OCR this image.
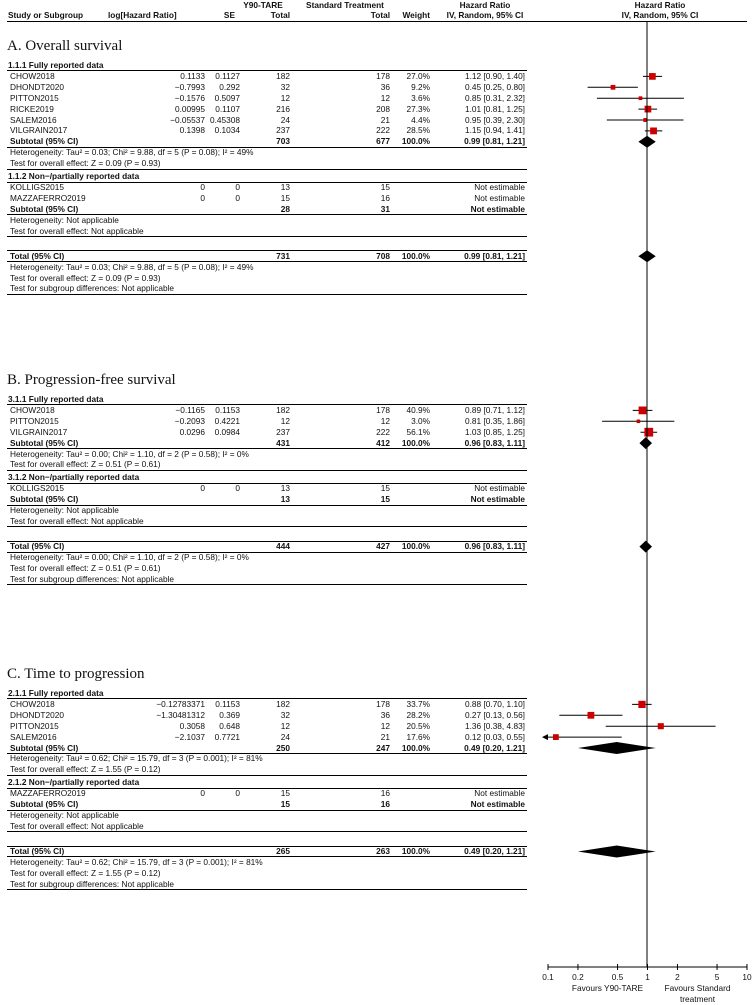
Y90-TARE	Standard Treatment	Hazard Ratio	Hazard Ratio
Study or Subgroup	log[Hazard Ratio]	SE	Total	Total	Weight	IV, Random, 95% CI	IV, Random, 95% CI
A. Overall survival
1.1.1 Fully reported data
CHOW2018	0.1133	0.1127	182	178	27.0%	1.12 [0.90, 1.40]
DHONDT2020	−0.7993	0.292	32	36	9.2%	0.45 [0.25, 0.80]
PITTON2015	−0.1576	0.5097	12	12	3.6%	0.85 [0.31, 2.32]
RICKE2019	0.00995	0.1107	216	208	27.3%	1.01 [0.81, 1.25]
SALEM2016	−0.05537 0.45308	24	21	4.4%	0.95 [0.39, 2.30]
VILGRAIN2017	0.1398	0.1034	237	222	28.5%	1.15 [0.94, 1.41]
Subtotal (95% CI)	703	677	100.0%	0.99 [0.81, 1.21]
Heterogeneity: Tau² = 0.03; Chi² = 9.88, df = 5 (P = 0.08); I² = 49%
Test for overall effect: Z = 0.09 (P = 0.93)
1.1.2 Non−/partially reported data
KOLLIGS2015	0	0	13	15	Not estimable
MAZZAFERRO2019	0	0	15	16	Not estimable
Subtotal (95% CI)	28	31	Not estimable
Heterogeneity: Not applicable
Test for overall effect: Not applicable
Total (95% CI)	731	708	100.0%	0.99 [0.81, 1.21]
Heterogeneity: Tau² = 0.03; Chi² = 9.88, df = 5 (P = 0.08); I² = 49%
Test for overall effect: Z = 0.09 (P = 0.93)
Test for subgroup differences: Not applicable
B. Progression-free survival
3.1.1 Fully reported data
CHOW2018	−0.1165	0.1153	182	178	40.9%	0.89 [0.71, 1.12]
PITTON2015	−0.2093	0.4221	12	12	3.0%	0.81 [0.35, 1.86]
VILGRAIN2017	0.0296	0.0984	237	222	56.1%	1.03 [0.85, 1.25]
Subtotal (95% CI)	431	412	100.0%	0.96 [0.83, 1.11]
Heterogeneity: Tau² = 0.00; Chi² = 1.10, df = 2 (P = 0.58); I² = 0%
Test for overall effect: Z = 0.51 (P = 0.61)
3.1.2 Non−/partially reported data
KOLLIGS2015	0	0	13	15	Not estimable
Subtotal (95% CI)	13	15	Not estimable
Heterogeneity: Not applicable
Test for overall effect: Not applicable
Total (95% CI)	444	427	100.0%	0.96 [0.83, 1.11]
Heterogeneity: Tau² = 0.00; Chi² = 1.10, df = 2 (P = 0.58); I² = 0%
Test for overall effect: Z = 0.51 (P = 0.61)
Test for subgroup differences: Not applicable
C. Time to progression
2.1.1 Fully reported data
CHOW2018	−0.12783371	0.1153	182	178	33.7%	0.88 [0.70, 1.10]
DHONDT2020	−1.30481312	0.369	32	36	28.2%	0.27 [0.13, 0.56]
PITTON2015	0.3058	0.648	12	12	20.5%	1.36 [0.38, 4.83]
SALEM2016	−2.1037	0.7721	24	21	17.6%	0.12 [0.03, 0.55]
Subtotal (95% CI)	250	247	100.0%	0.49 [0.20, 1.21]
Heterogeneity: Tau² = 0.62; Chi² = 15.79, df = 3 (P = 0.001); I² = 81%
Test for overall effect: Z = 1.55 (P = 0.12)
2.1.2 Non−/partially reported data
MAZZAFERRO2019	0	0	15	16	Not estimable
Subtotal (95% CI)	15	16	Not estimable
Heterogeneity: Not applicable
Test for overall effect: Not applicable
Total (95% CI)	265	263	100.0%	0.49 [0.20, 1.21]
Heterogeneity: Tau² = 0.62; Chi² = 15.79, df = 3 (P = 0.001); I² = 81%
Test for overall effect: Z = 1.55 (P = 0.12)
Test for subgroup differences: Not applicable
0.1 0.2	0.5	1	2	5	10
Favours Y90-TARE	Favours Standard treatment
